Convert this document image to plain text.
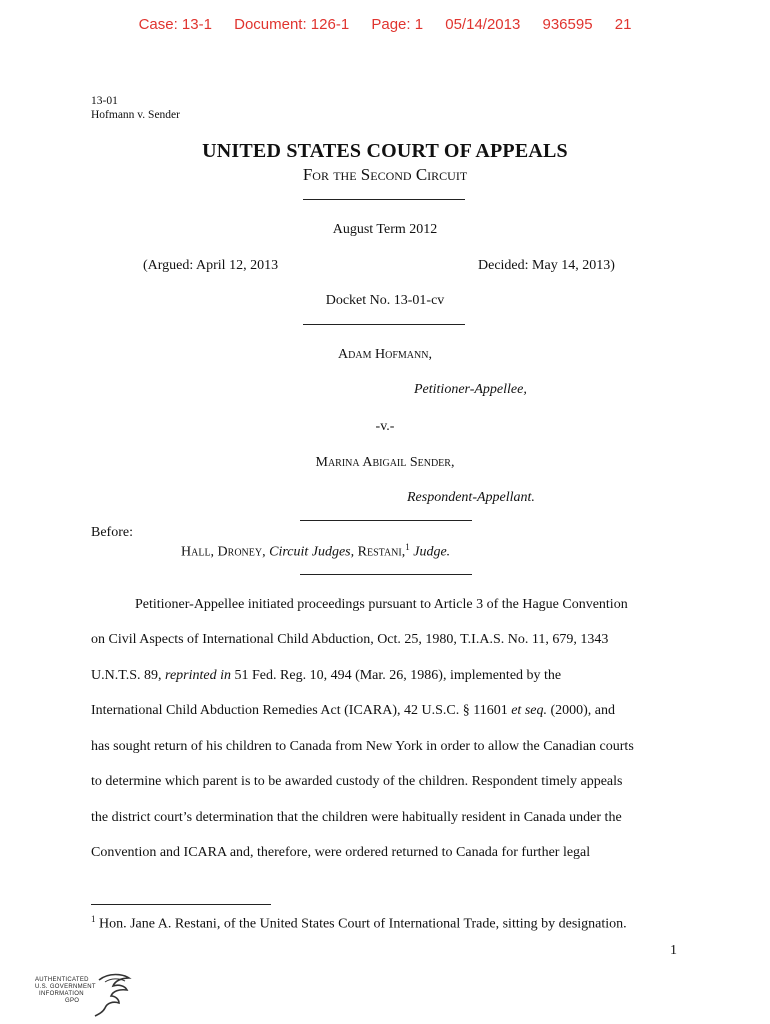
Case: 13-1 Document: 126-1 Page: 1 05/14/2013 936595 21
13-01
Hofmann v. Sender
UNITED STATES COURT OF APPEALS
For the Second Circuit
August Term 2012
(Argued: April 12, 2013	Decided: May 14, 2013)
Docket No. 13-01-cv
Adam Hofmann,
Petitioner-Appellee,
-v.-
Marina Abigail Sender,
Respondent-Appellant.
Before:
Hall, Droney, Circuit Judges, Restani,$^1$ Judge.
Petitioner-Appellee initiated proceedings pursuant to Article 3 of the Hague Convention
on Civil Aspects of International Child Abduction, Oct. 25, 1980, T.I.A.S. No. 11, 679, 1343
U.N.T.S. 89, reprinted in 51 Fed. Reg. 10, 494 (Mar. 26, 1986), implemented by the
International Child Abduction Remedies Act (ICARA), 42 U.S.C. § 11601 et seq. (2000), and
has sought return of his children to Canada from New York in order to allow the Canadian courts
to determine which parent is to be awarded custody of the children. Respondent timely appeals
the district court’s determination that the children were habitually resident in Canada under the
Convention and ICARA and, therefore, were ordered returned to Canada for further legal
$^1$ Hon. Jane A. Restani, of the United States Court of International Trade, sitting by designation.
1
AUTHENTICATED
U.S. GOVERNMENT
INFORMATION
GPO
